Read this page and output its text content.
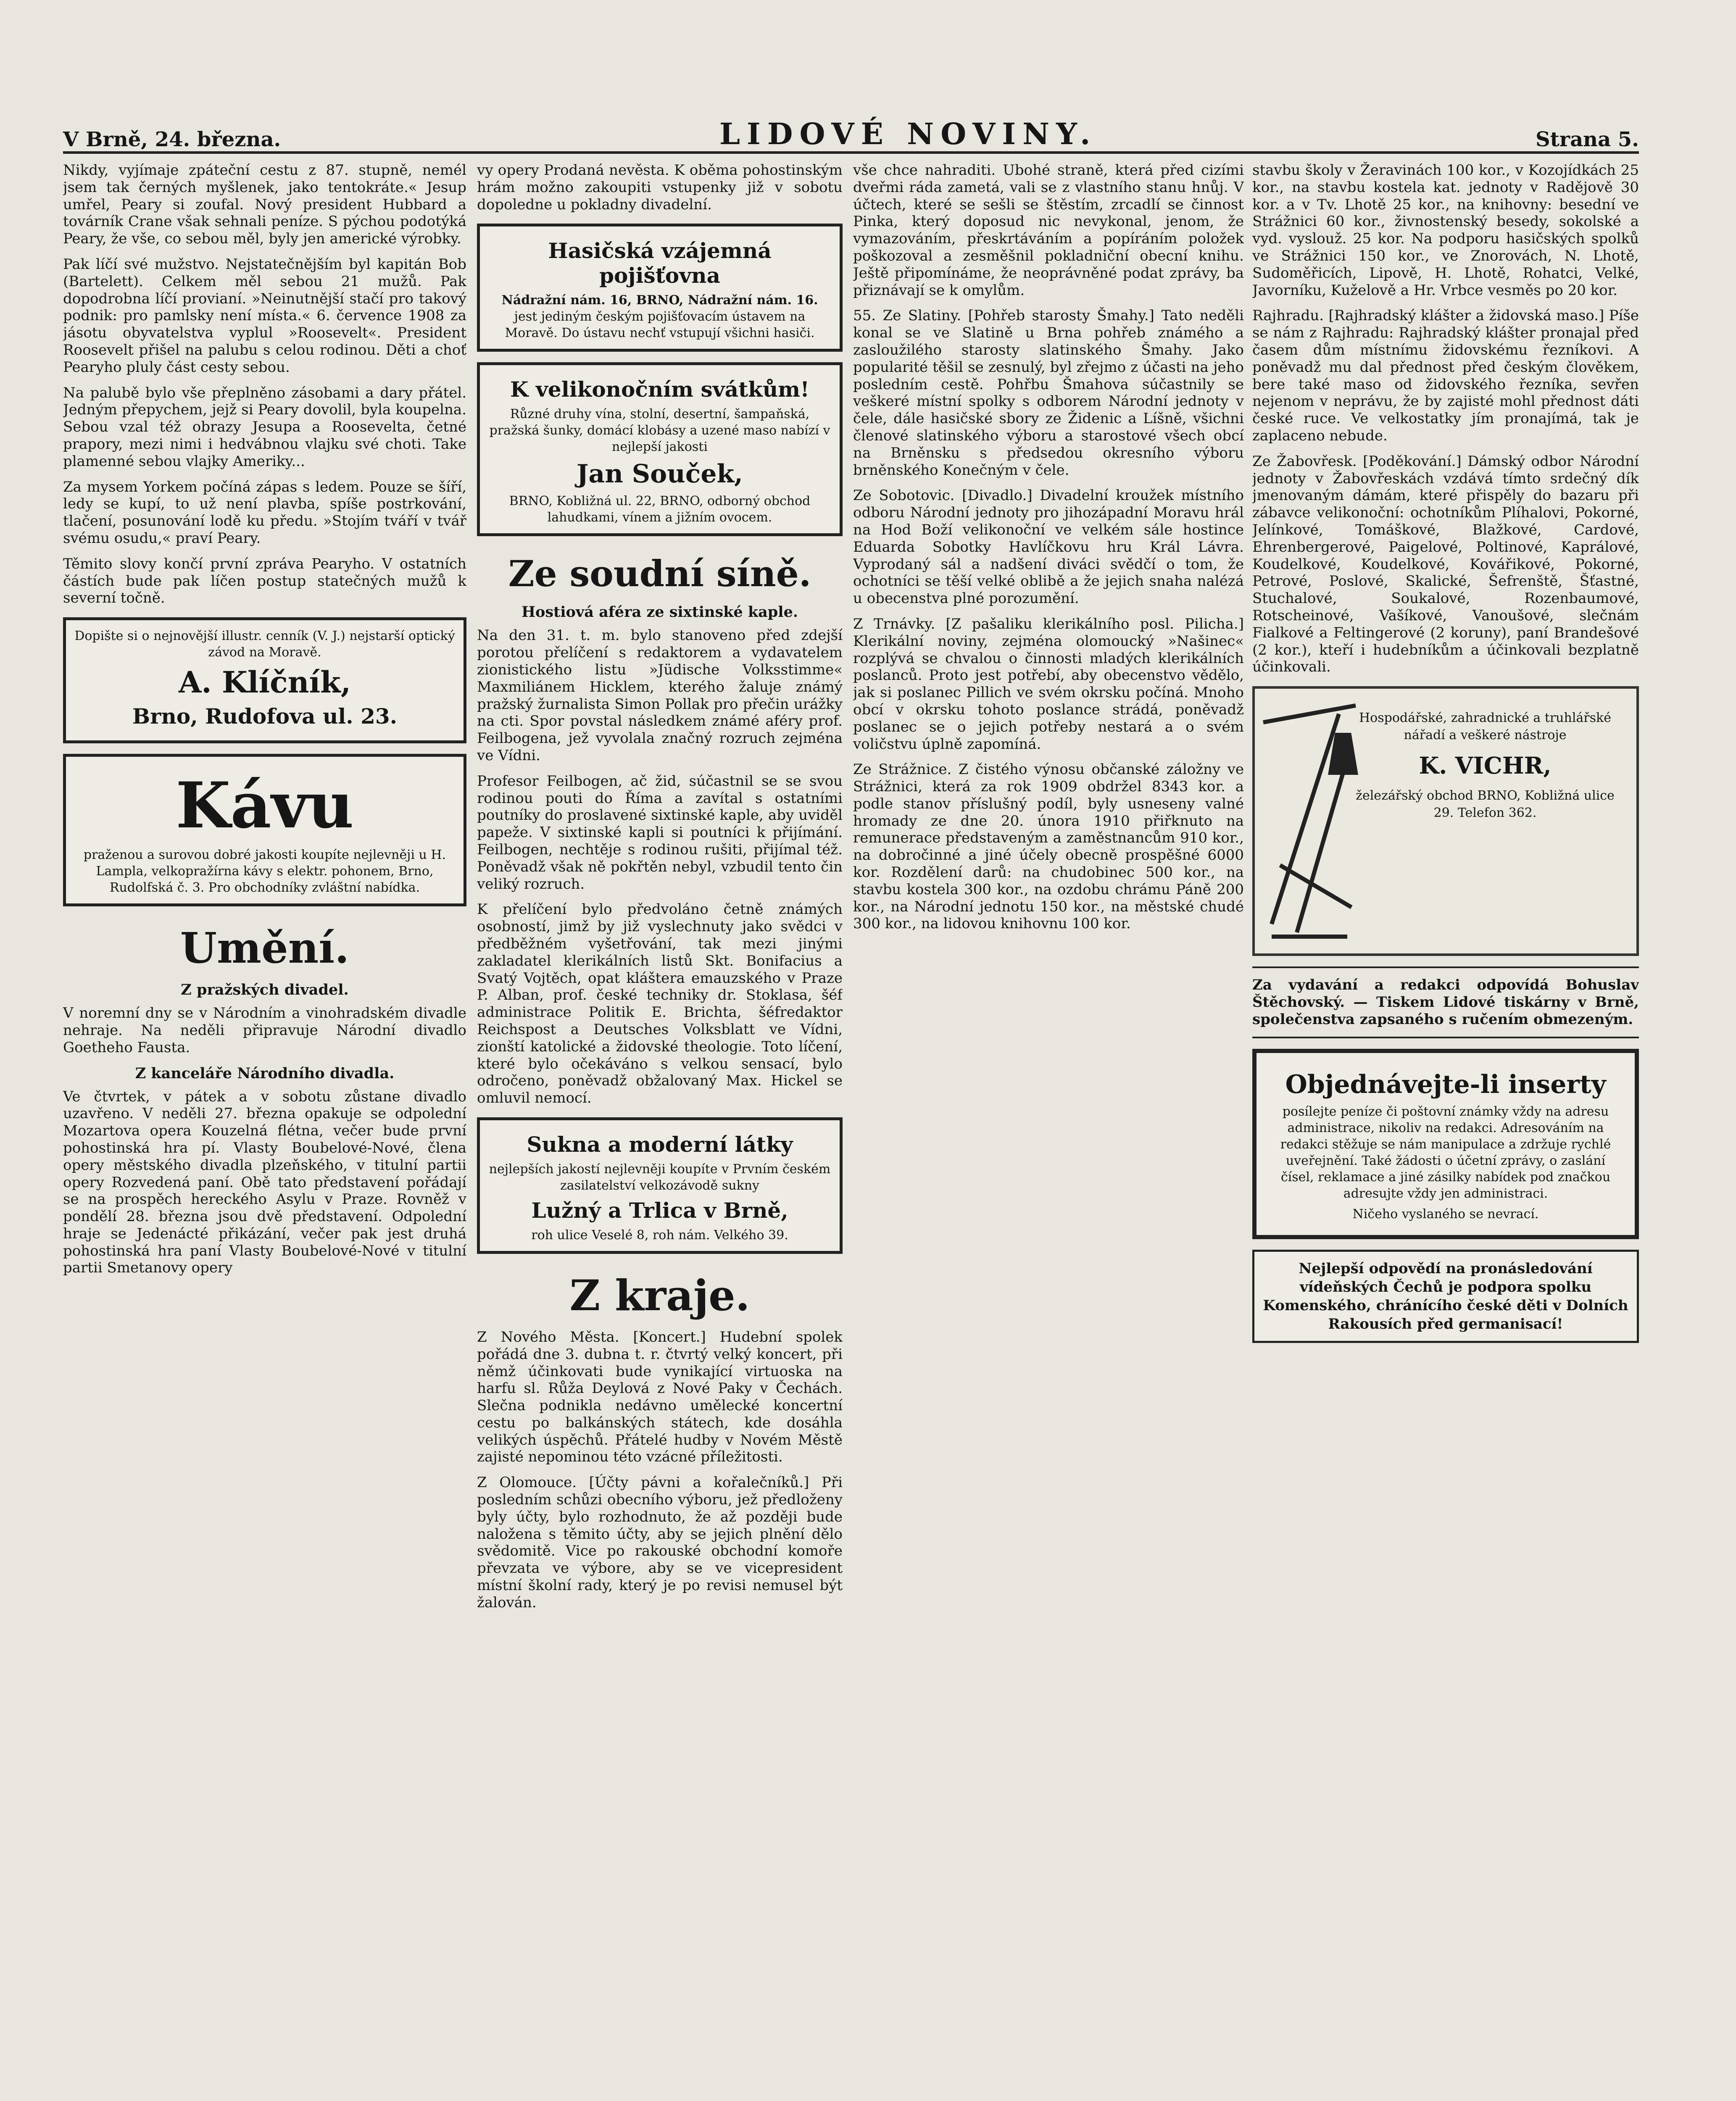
V Brně, 24. března.	LIDOVÉ NOVINY.	Strana 5.

Nikdy, vyjímaje zpáteční cestu z 87. stupně, nemél jsem tak černých myšlenek, jako tentokráte.« Jesup umřel, Peary si zoufal. Nový president Hubbard a továrník Crane však sehnali peníze. S pýchou podotýká Peary, že vše, co sebou měl, byly jen americké výrobky.

Pak líčí své mužstvo. Nejstatečnějším byl kapitán Bob (Bartelett). Celkem měl sebou 21 mužů. Pak dopodrobna líčí provianí. »Neinutnější stačí pro takový podnik: pro pamlsky není místa.« 6. července 1908 za jásotu obyvatelstva vyplul »Roosevelt«. President Roosevelt přišel na palubu s celou rodinou. Děti a choť Pearyho pluly část cesty sebou.

Na palubě bylo vše přeplněno zásobami a dary přátel. Jedným přepychem, jejž si Peary dovolil, byla koupelna. Sebou vzal též obrazy Jesupa a Roosevelta, četné prapory, mezi nimi i hedvábnou vlajku své choti. Take plamenné sebou vlajky Ameriky...

Za mysem Yorkem počíná zápas s ledem. Pouze se šíří, ledy se kupí, to už není plavba, spíše postrkování, tlačení, posunování lodě ku předu. »Stojím tváří v tvář svému osudu,« praví Peary.

Těmito slovy končí první zpráva Pearyho. V ostatních částích bude pak líčen postup statečných mužů k severní točně.

Dopište si o nejnovější illustr. cenník (V. J.) nejstarší optický závod na Moravě.
A. Klíčník,
Brno, Rudofova ul. 23.
Kávu
praženou a surovou dobré jakosti koupíte nejlevněji u H. Lampla, velkopražírna kávy s elektr. pohonem, Brno, Rudolfská č. 3. Pro obchodníky zvláštní nabídka.
Umění.
Z pražských divadel.

V noremní dny se v Národním a vinohradském divadle nehraje. Na neděli připravuje Národní divadlo Goetheho Fausta.

Z kanceláře Národního divadla.

Ve čtvrtek, v pátek a v sobotu zůstane divadlo uzavřeno. V neděli 27. března opakuje se odpolední Mozartova opera Kouzelná flétna, večer bude první pohostinská hra pí. Vlasty Boubelové-Nové, člena opery městského divadla plzeňského, v titulní partii opery Rozvedená paní. Obě tato představení pořádají se na prospěch hereckého Asylu v Praze. Rovněž v pondělí 28. března jsou dvě představení. Odpolední hraje se Jedenácté přikázání, večer pak jest druhá pohostinská hra paní Vlasty Boubelové-Nové v titulní partii Smetanovy opery

vy opery Prodaná nevěsta. K oběma pohostinským hrám možno zakoupiti vstupenky již v sobotu dopoledne u pokladny divadelní.

Hasičská vzájemná pojišťovna
Nádražní nám. 16, BRNO, Nádražní nám. 16.
jest jediným českým pojišťovacím ústavem na Moravě. Do ústavu nechť vstupují všichni hasiči.
K velikonočním svátkům!
Různé druhy vína, stolní, desertní, šampaňská, pražská šunky, domácí klobásy a uzené maso nabízí v nejlepší jakosti
Jan Souček,
BRNO, Kobližná ul. 22, BRNO, odborný obchod lahudkami, vínem a jižním ovocem.
Ze soudní síně.
Hostiová aféra ze sixtinské kaple.

Na den 31. t. m. bylo stanoveno před zdejší porotou přelíčení s redaktorem a vydavatelem zionistického listu »Jüdische Volksstimme« Maxmiliánem Hicklem, kterého žaluje známý pražský žurnalista Simon Pollak pro přečin urážky na cti. Spor povstal následkem známé aféry prof. Feilbogena, jež vyvolala značný rozruch zejména ve Vídni.

Profesor Feilbogen, ač žid, súčastnil se se svou rodinou pouti do Říma a zavítal s ostatními poutníky do proslavené sixtinské kaple, aby uviděl papeže. V sixtinské kapli si poutníci k přijímání. Feilbogen, nechtěje s rodinou rušiti, přijímal též. Poněvadž však ně pokřtěn nebyl, vzbudil tento čin veliký rozruch.

K přelíčení bylo předvoláno četně známých osobností, jimž by již vyslechnuty jako svědci v předběžném vyšetřování, tak mezi jinými zakladatel klerikálních listů Skt. Bonifacius a Svatý Vojtěch, opat kláštera emauzského v Praze P. Alban, prof. české techniky dr. Stoklasa, šéf administrace Politik E. Brichta, šéfredaktor Reichspost a Deutsches Volksblatt ve Vídni, zionští katolické a židovské theologie. Toto líčení, které bylo očekáváno s velkou sensací, bylo odročeno, poněvadž obžalovaný Max. Hickel se omluvil nemocí.

Sukna a moderní látky
nejlepších jakostí nejlevněji koupíte v Prvním českém zasilatelství velkozávodě sukny
Lužný a Trlica v Brně,
roh ulice Veselé 8, roh nám. Velkého 39.
Z kraje.

Z Nového Města. [Koncert.] Hudební spolek pořádá dne 3. dubna t. r. čtvrtý velký koncert, při němž účinkovati bude vynikající virtuoska na harfu sl. Růža Deylová z Nové Paky v Čechách. Slečna podnikla nedávno umělecké koncertní cestu po balkánských státech, kde dosáhla velikých úspěchů. Přátelé hudby v Novém Městě zajisté nepominou této vzácné příležitosti.

Z Olomouce. [Účty pávni a kořalečníků.] Při posledním schůzi obecního výboru, jež předloženy byly účty, bylo rozhodnuto, že až později bude naložena s těmito účty, aby se jejich plnění dělo svědomitě. Vice po rakouské obchodní komoře převzata ve výbore, aby se ve vicepresident místní školní rady, který je po revisi nemusel být žalován.

vše chce nahraditi. Ubohé straně, která před cizími dveřmi ráda zametá, vali se z vlastního stanu hnůj. V účtech, které se sešli se štěstím, zrcadlí se činnost Pinka, který doposud nic nevykonal, jenom, že vymazováním, přeskrtáváním a popíráním položek poškozoval a zesměšnil pokladniční obecní knihu. Ještě připomínáme, že neoprávněné podat zprávy, ba přiznávají se k omylům.

55. Ze Slatiny. [Pohřeb starosty Šmahy.] Tato neděli konal se ve Slatině u Brna pohřeb známého a zasloužilého starosty slatinského Šmahy. Jako popularité těšil se zesnulý, byl zřejmo z účasti na jeho posledním cestě. Pohřbu Šmahova súčastnily se veškeré místní spolky s odborem Národní jednoty v čele, dále hasičské sbory ze Židenic a Líšně, všichni členové slatinského výboru a starostové všech obcí na Brněnsku s předsedou okresního výboru brněnského Konečným v čele.

Ze Sobotovic. [Divadlo.] Divadelní kroužek místního odboru Národní jednoty pro jihozápadní Moravu hrál na Hod Boží velikonoční ve velkém sále hostince Eduarda Sobotky Havlíčkovu hru Král Lávra. Vyprodaný sál a nadšení diváci svědčí o tom, že ochotníci se těší velké oblibě a že jejich snaha nalézá u obecenstva plné porozumění.

Z Trnávky. [Z pašaliku klerikálního posl. Pilicha.] Klerikální noviny, zejména olomoucký »Našinec« rozplývá se chvalou o činnosti mladých klerikálních poslanců. Proto jest potřebí, aby obecenstvo vědělo, jak si poslanec Pillich ve svém okrsku počíná. Mnoho obcí v okrsku tohoto poslance strádá, poněvadž poslanec se o jejich potřeby nestará a o svém voličstvu úplně zapomíná.

Ze Strážnice. Z čistého výnosu občanské záložny ve Strážnici, která za rok 1909 obdržel 8343 kor. a podle stanov příslušný podíl, byly usneseny valné hromady ze dne 20. února 1910 přiřknuto na remunerace představeným a zaměstnancům 910 kor., na dobročinné a jiné účely obecně prospěšné 6000 kor. Rozdělení darů: na chudobinec 500 kor., na stavbu kostela 300 kor., na ozdobu chrámu Páně 200 kor., na Národní jednotu 150 kor., na městské chudé 300 kor., na lidovou knihovnu 100 kor.

stavbu školy v Žeravinách 100 kor., v Kozojídkách 25 kor., na stavbu kostela kat. jednoty v Radějově 30 kor. a v Tv. Lhotě 25 kor., na knihovny: besední ve Strážnici 60 kor., živnostenský besedy, sokolské a vyd. vyslouž. 25 kor. Na podporu hasičských spolků ve Strážnici 150 kor., ve Znorovách, N. Lhotě, Sudoměřicích, Lipově, H. Lhotě, Rohatci, Velké, Javorníku, Kuželově a Hr. Vrbce vesměs po 20 kor.

Rajhradu. [Rajhradský klášter a židovská maso.] Píše se nám z Rajhradu: Rajhradský klášter pronajal před časem dům místnímu židovskému řezníkovi. A poněvadž mu dal přednost před českým člověkem, bere také maso od židovského řezníka, sevřen nejenom v neprávu, že by zajisté mohl přednost dáti české ruce. Ve velkostatky jím pronajímá, tak je zaplaceno nebude.

Ze Žabovřesk. [Poděkování.] Dámský odbor Národní jednoty v Žabovřeskách vzdává tímto srdečný dík jmenovaným dámám, které přispěly do bazaru při zábavce velikonoční: ochotníkům Plíhalovi, Pokorné, Jelínkové, Tomáškové, Blažkové, Cardové, Ehrenbergerové, Paigelové, Poltinové, Kaprálové, Koudelkové, Koudelkové, Kovářikové, Pokorné, Petrové, Poslové, Skalické, Šefrenště, Šťastné, Stuchalové, Soukalové, Rozenbaumové, Rotscheinové, Vašíkové, Vanoušové, slečnám Fialkové a Feltingerové (2 koruny), paní Brandešové (2 kor.), kteří i hudebníkům a účinkovali bezplatně účinkovali.

Hospodářské, zahradnické a truhlářské nářadí a veškeré nástroje
K. VICHR,
železářský obchod BRNO, Kobližná ulice 29. Telefon 362.

Za vydavání a redakci odpovídá Bohuslav Štěchovský. — Tiskem Lidové tiskárny v Brně, společenstva zapsaného s ručením obmezeným.

Objednávejte-li inserty
posílejte peníze či poštovní známky vždy na adresu administrace, nikoliv na redakci. Adresováním na redakci stěžuje se nám manipulace a zdržuje rychlé uveřejnění. Také žádosti o účetní zprávy, o zaslání čísel, reklamace a jiné zásilky nabídek pod značkou adresujte vždy jen administraci.
Ničeho vyslaného se nevrací.
Nejlepší odpovědí na pronásledování vídeňských Čechů je podpora spolku Komenského, chránícího české děti v Dolních Rakousích před germanisací!
